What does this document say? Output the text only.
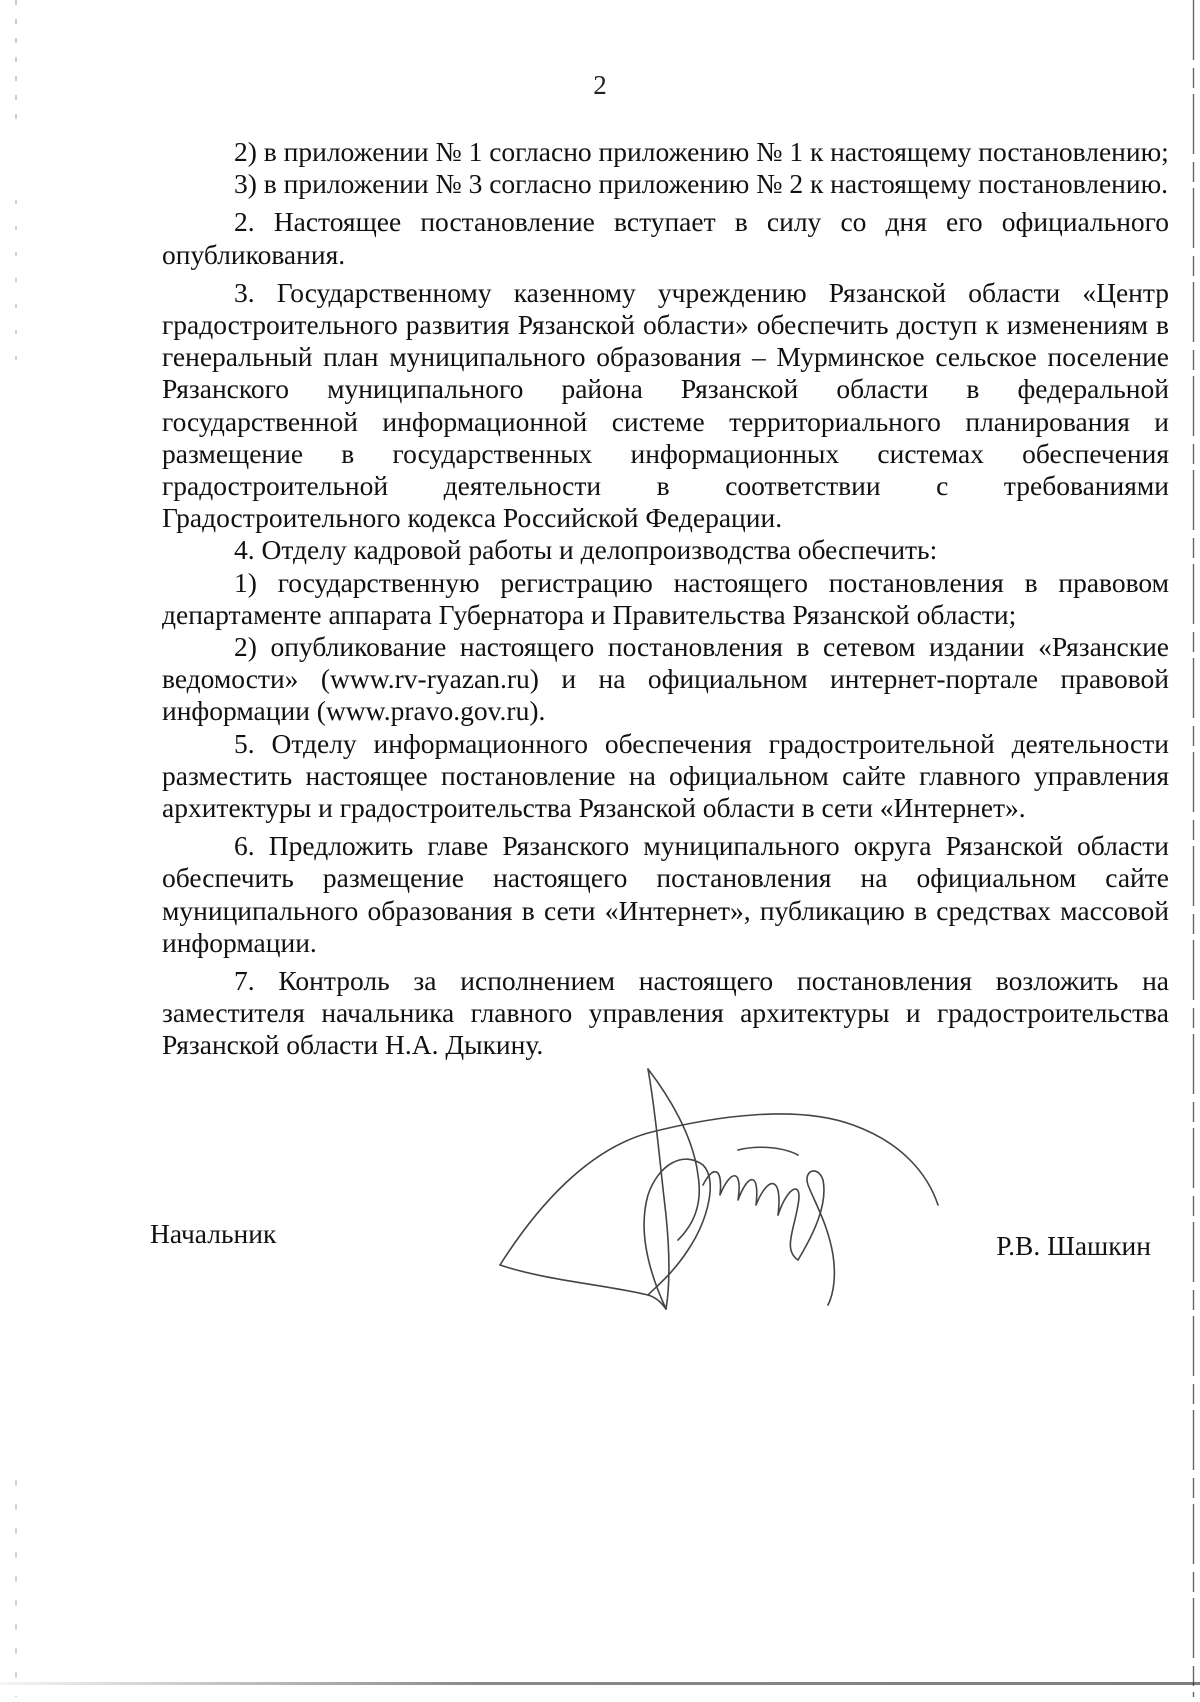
2

2) в приложении № 1 согласно приложению № 1 к настоящему постановлению;

3) в приложении № 3 согласно приложению № 2 к настоящему постановлению.

2. Настоящее постановление вступает в силу со дня его официального опубликования.

3. Государственному казенному учреждению Рязанской области «Центр градостроительного развития Рязанской области» обеспечить доступ к изменениям в генеральный план муниципального образования – Мурминское сельское поселение Рязанского муниципального района Рязанской области в федеральной государственной информационной системе территориального планирования и размещение в государственных информационных системах обеспечения градостроительной деятельности в соответствии с требованиями Градостроительного кодекса Российской Федерации.

4. Отделу кадровой работы и делопроизводства обеспечить:

1) государственную регистрацию настоящего постановления в правовом департаменте аппарата Губернатора и Правительства Рязанской области;

2) опубликование настоящего постановления в сетевом издании «Рязанские ведомости» (www.rv-ryazan.ru) и на официальном интернет-портале правовой информации (www.pravo.gov.ru).

5. Отделу информационного обеспечения градостроительной деятельности разместить настоящее постановление на официальном сайте главного управления архитектуры и градостроительства Рязанской области в сети «Интернет».

6. Предложить главе Рязанского муниципального округа Рязанской области обеспечить размещение настоящего постановления на официальном сайте муниципального образования в сети «Интернет», публикацию в средствах массовой информации.

7. Контроль за исполнением настоящего постановления возложить на заместителя начальника главного управления архитектуры и градостроительства Рязанской области Н.А. Дыкину.

Начальник	Р.В. Шашкин
